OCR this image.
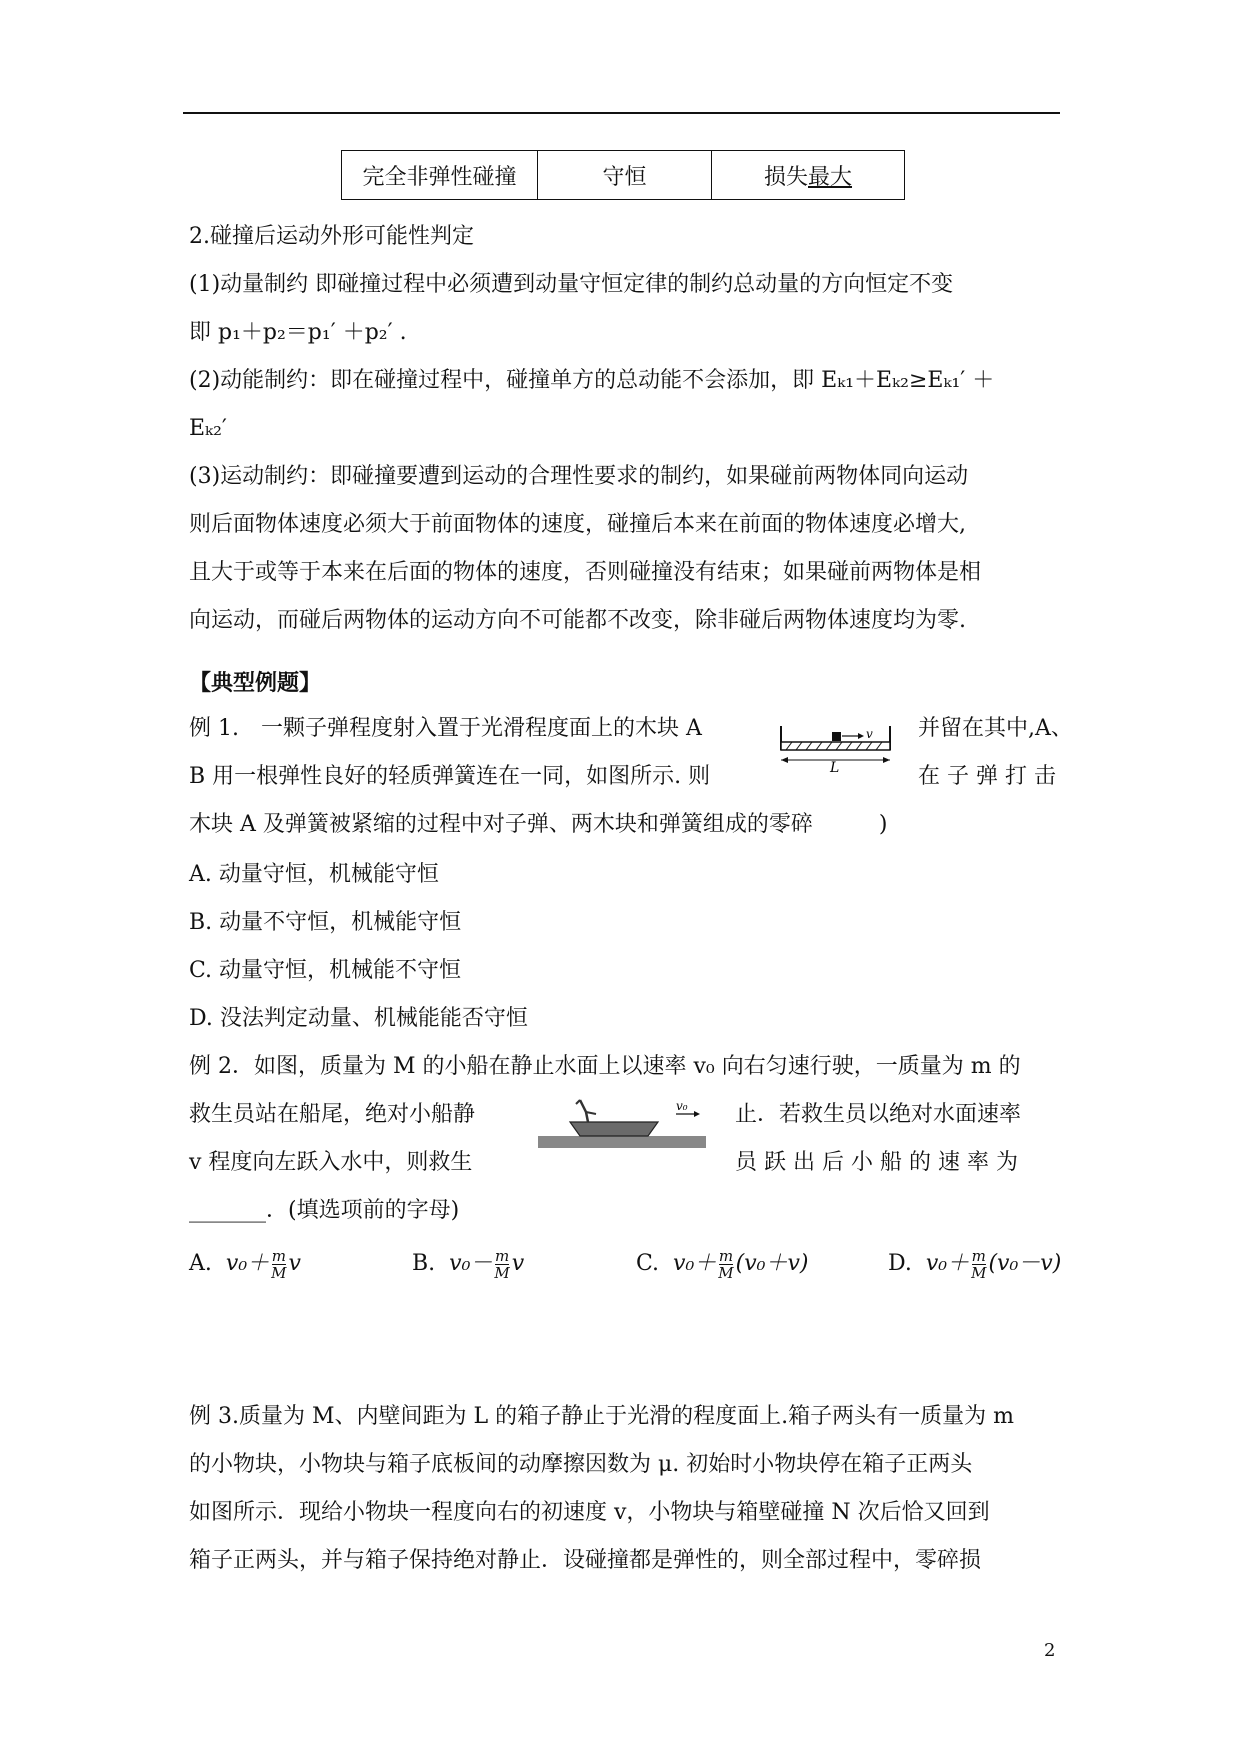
完全非弹性碰撞	守恒	损失 最大
2.碰撞后运动外形可能性判定
(1)动量制约 即碰撞过程中必须遭到动量守恒定律的制约总动量的方向恒定不变
即 p₁＋p₂＝p₁′ ＋p₂′ .
(2)动能制约：即在碰撞过程中，碰撞单方的总动能不会添加，即 Eₖ₁＋Eₖ₂≥Eₖ₁′ ＋
Eₖ₂′
(3)运动制约：即碰撞要遭到运动的合理性要求的制约，如果碰前两物体同向运动
则后面物体速度必须大于前面物体的速度，碰撞后本来在前面的物体速度必增大,
且大于或等于本来在后面的物体的速度，否则碰撞没有结束；如果碰前两物体是相
向运动，而碰后两物体的运动方向不可能都不改变，除非碰后两物体速度均为零.
【典型例题】
例 1.　一颗子弹程度射入置于光滑程度面上的木块 A	并留在其中,A、
B 用一根弹性良好的轻质弹簧连在一同，如图所示. 则	在 子 弹 打 击
木块 A 及弹簧被紧缩的过程中对子弹、两木块和弹簧组成的零碎　　　)
v
L
A. 动量守恒，机械能守恒
B. 动量不守恒，机械能守恒
C. 动量守恒，机械能不守恒
D. 没法判定动量、机械能能否守恒
例 2．如图，质量为 M 的小船在静止水面上以速率 v₀ 向右匀速行驶，一质量为 m 的
救生员站在船尾，绝对小船静	止．若救生员以绝对水面速率
v 程度向左跃入水中，则救生	员 跃 出 后 小 船 的 速 率 为
_______．(填选项前的字母)
v₀
A. $v_0+ \frac{m}{M}$ v	B. $v_0- \frac{m}{M}$ v	C. $v_0+ \frac{m}{M} (v_0+v)$	D. $v_0+ \frac{m}{M} (v_0-v)$
例 3.质量为 M、内壁间距为 L 的箱子静止于光滑的程度面上.箱子两头有一质量为 m
的小物块，小物块与箱子底板间的动摩擦因数为 μ. 初始时小物块停在箱子正两头
如图所示．现给小物块一程度向右的初速度 v，小物块与箱壁碰撞 N 次后恰又回到
箱子正两头，并与箱子保持绝对静止．设碰撞都是弹性的，则全部过程中，零碎损
2
